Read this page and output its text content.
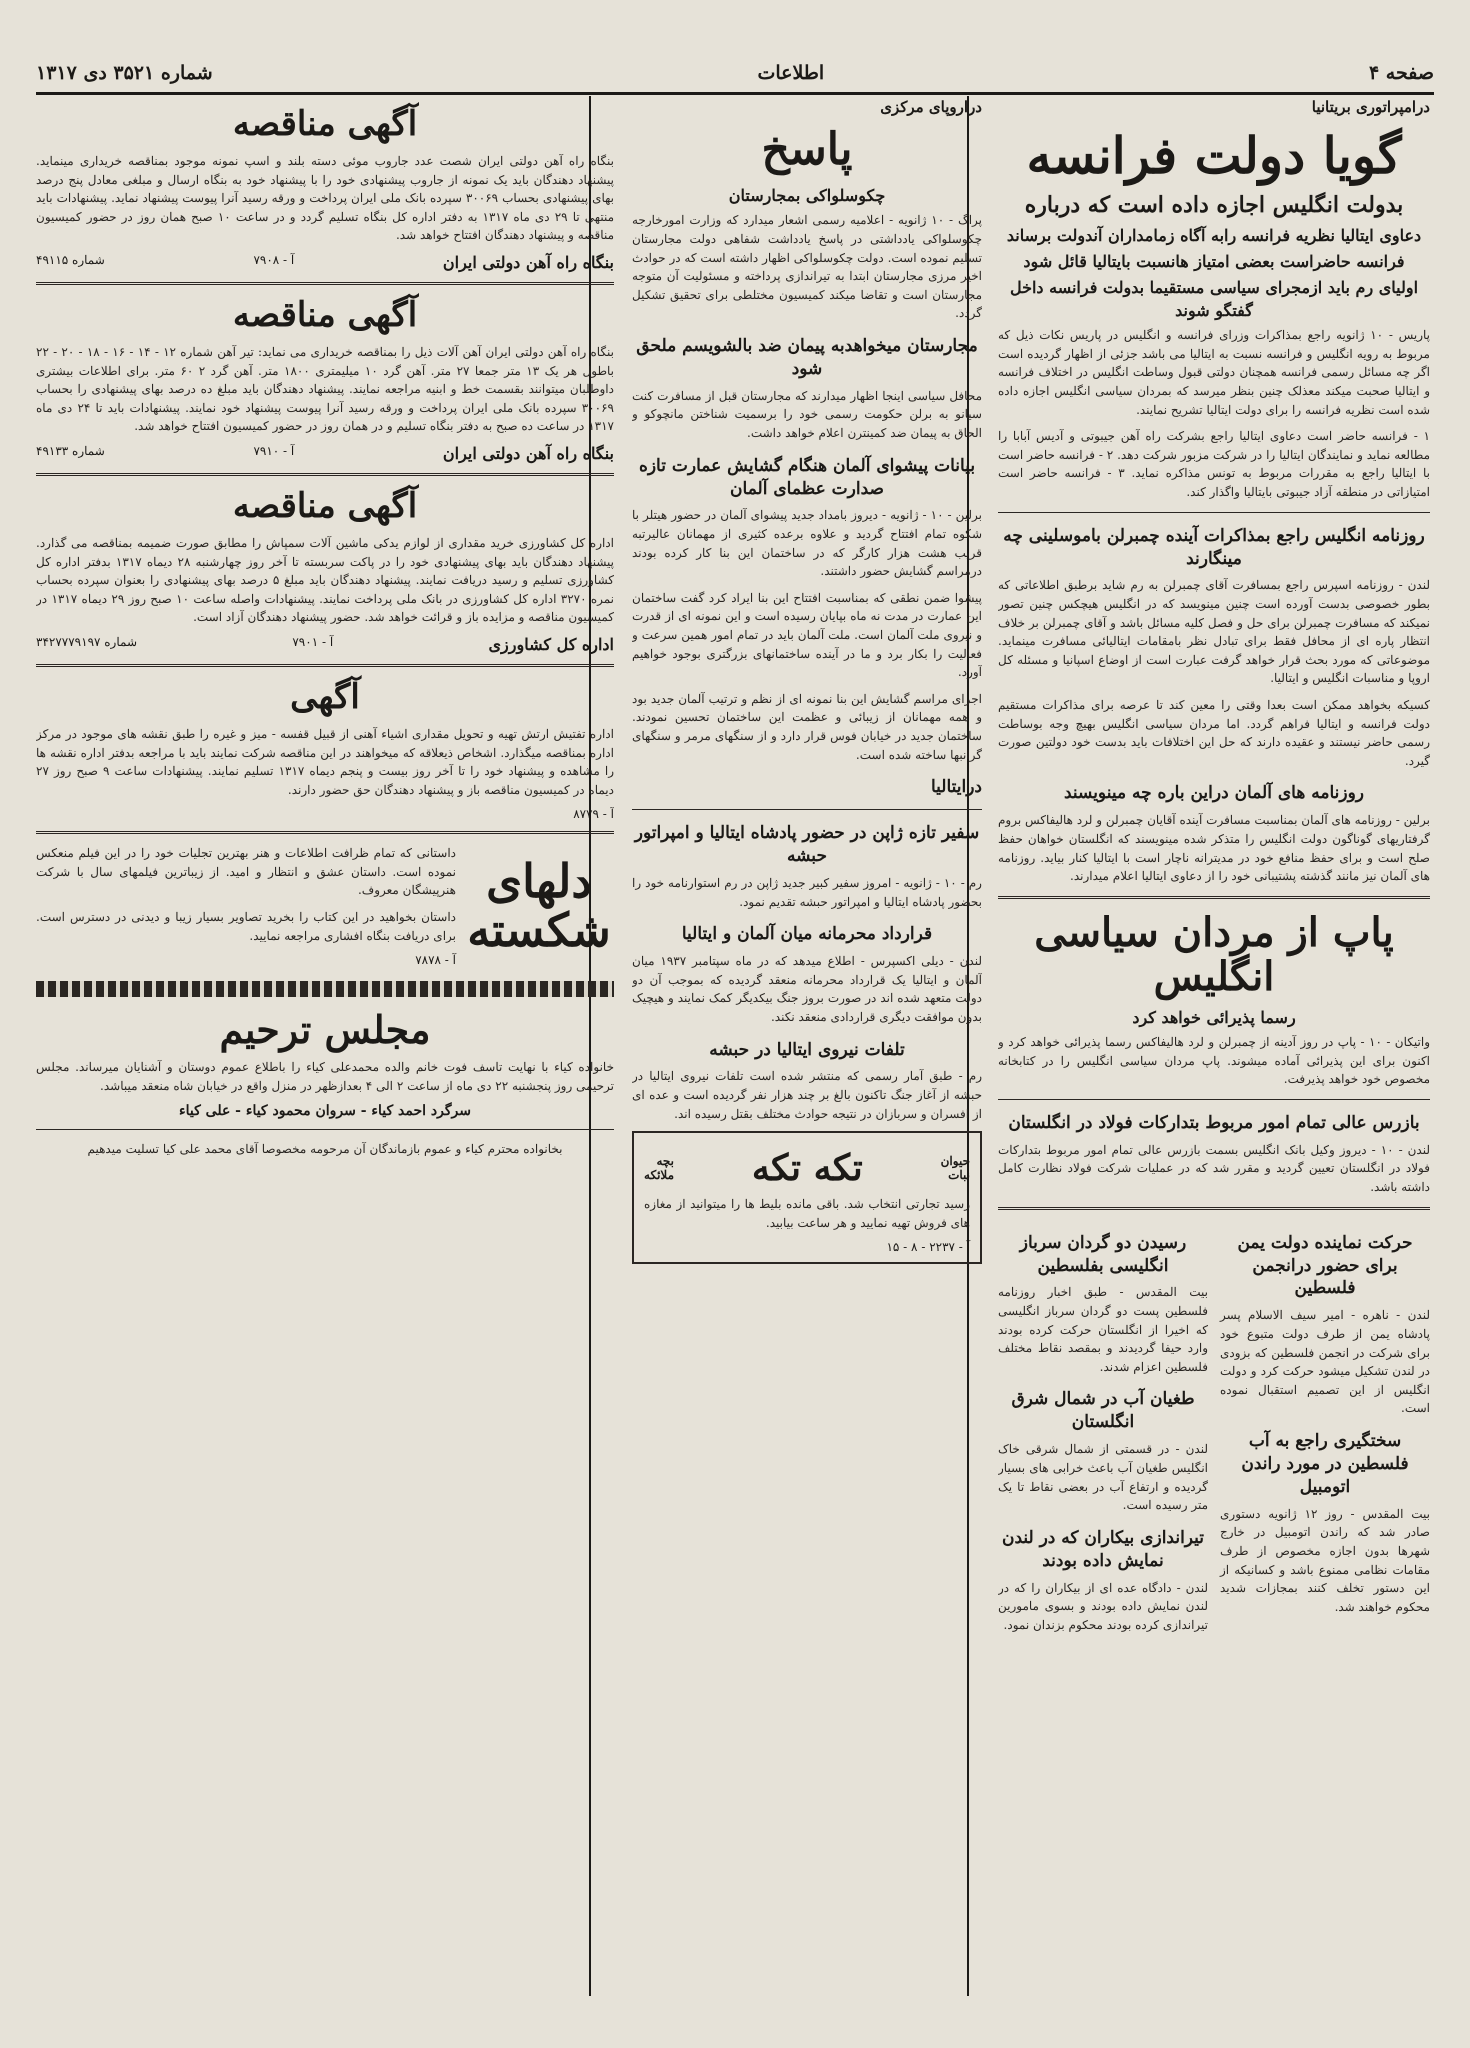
صفحه ۴
اطلاعات
شماره ۳۵۲۱ دی ۱۳۱۷
درامپراتوری بریتانیا
گویا دولت فرانسه
بدولت انگلیس اجازه داده است که درباره
دعاوی ایتالیا نظریه فرانسه رابه آگاه زمامداران آندولت برساند
فرانسه حاضراست بعضی امتیاز هانسبت بایتالیا قائل شود
اولیای رم باید ازمجرای سیاسی مستقیما بدولت فرانسه داخل گفتگو شوند

پاریس - ۱۰ ژانویه راجع بمذاکرات وزرای فرانسه و انگلیس در پاریس نکات ذیل که مربوط به رویه انگلیس و فرانسه نسبت به ایتالیا می باشد جزئی از اظهار گردیده است اگر چه مسائل رسمی فرانسه همچنان دولتی قبول وساطت انگلیس در اختلاف فرانسه و ایتالیا صحبت میکند معذلک چنین بنظر میرسد که بمردان سیاسی انگلیس اجازه داده شده است نظریه فرانسه را برای دولت ایتالیا تشریح نمایند.

۱ - فرانسه حاضر است دعاوی ایتالیا راجع بشرکت راه آهن جیبوتی و آدیس آبابا را مطالعه نماید و نمایندگان ایتالیا را در شرکت مزبور شرکت دهد. ۲ - فرانسه حاضر است با ایتالیا راجع به مقررات مربوط به تونس مذاکره نماید. ۳ - فرانسه حاضر است امتیازاتی در منطقه آزاد جیبوتی بایتالیا واگذار کند.

روزنامه انگلیس راجع بمذاکرات آینده چمبرلن باموسلینی چه مینگارند

لندن - روزنامه اسپرس راجع بمسافرت آقای چمبرلن به رم شاید برطبق اطلاعاتی که بطور خصوصی بدست آورده است چنین مینویسد که در انگلیس هیچکس چنین تصور نمیکند که مسافرت چمبرلن برای حل و فصل کلیه مسائل باشد و آقای چمبرلن بر خلاف انتظار پاره ای از محافل فقط برای تبادل نظر بامقامات ایتالیائی مسافرت مینماید. موضوعاتی که مورد بحث قرار خواهد گرفت عبارت است از اوضاع اسپانیا و مسئله کل اروپا و مناسبات انگلیس و ایتالیا.

کسیکه بخواهد ممکن است بعدا وقتی را معین کند تا عرصه برای مذاکرات مستقیم دولت فرانسه و ایتالیا فراهم گردد. اما مردان سیاسی انگلیس بهیچ وجه بوساطت رسمی حاضر نیستند و عقیده دارند که حل این اختلافات باید بدست خود دولتین صورت گیرد.

روزنامه های آلمان دراین باره چه مینویسند

برلین - روزنامه های آلمان بمناسبت مسافرت آینده آقایان چمبرلن و لرد هالیفاکس بروم گرفتاریهای گوناگون دولت انگلیس را متذکر شده مینویسند که انگلستان خواهان حفظ صلح است و برای حفظ منافع خود در مدیترانه ناچار است با ایتالیا کنار بیاید. روزنامه های آلمان نیز مانند گذشته پشتیبانی خود را از دعاوی ایتالیا اعلام میدارند.

پاپ از مردان سیاسی انگلیس
رسما پذیرائی خواهد کرد

واتیکان - ۱۰ - پاپ در روز آدینه از چمبرلن و لرد هالیفاکس رسما پذیرائی خواهد کرد و اکنون برای این پذیرائی آماده میشوند. پاپ مردان سیاسی انگلیس را در کتابخانه مخصوص خود خواهد پذیرفت.

بازرس عالی تمام امور مربوط بتدارکات فولاد در انگلستان

لندن - ۱۰ - دیروز وکیل بانک انگلیس بسمت بازرس عالی تمام امور مربوط بتدارکات فولاد در انگلستان تعیین گردید و مقرر شد که در عملیات شرکت فولاد نظارت کامل داشته باشد.

حرکت نماینده دولت یمن برای حضور درانجمن فلسطین

لندن - ناهره - امیر سیف الاسلام پسر پادشاه یمن از طرف دولت متبوع خود برای شرکت در انجمن فلسطین که بزودی در لندن تشکیل میشود حرکت کرد و دولت انگلیس از این تصمیم استقبال نموده است.

سختگیری راجع به آب فلسطین در مورد راندن اتومبیل

بیت المقدس - روز ۱۲ ژانویه دستوری صادر شد که راندن اتومبیل در خارج شهرها بدون اجازه مخصوص از طرف مقامات نظامی ممنوع باشد و کسانیکه از این دستور تخلف کنند بمجازات شدید محکوم خواهند شد.

رسیدن دو گردان سرباز انگلیسی بفلسطین

بیت المقدس - طبق اخبار روزنامه فلسطین پست دو گردان سرباز انگلیسی که اخیرا از انگلستان حرکت کرده بودند وارد حیفا گردیدند و بمقصد نقاط مختلف فلسطین اعزام شدند.

طغیان آب در شمال شرق انگلستان

لندن - در قسمتی از شمال شرقی خاک انگلیس طغیان آب باعث خرابی های بسیار گردیده و ارتفاع آب در بعضی نقاط تا یک متر رسیده است.

تیراندازی بیکاران که در لندن نمایش داده بودند

لندن - دادگاه عده ای از بیکاران را که در لندن نمایش داده بودند و بسوی مامورین تیراندازی کرده بودند محکوم بزندان نمود.

دراروپای مرکزی
پاسخ
چکوسلواکی بمجارستان

پراگ - ۱۰ ژانویه - اعلامیه رسمی اشعار میدارد که وزارت امورخارجه چکوسلواکی یادداشتی در پاسخ یادداشت شفاهی دولت مجارستان تسلیم نموده است. دولت چکوسلواکی اظهار داشته است که در حوادث اخیر مرزی مجارستان ابتدا به تیراندازی پرداخته و مسئولیت آن متوجه مجارستان است و تقاضا میکند کمیسیون مختلطی برای تحقیق تشکیل گردد.

مجارستان میخواهدبه پیمان ضد بالشویسم ملحق شود

محافل سیاسی اینجا اظهار میدارند که مجارستان قبل از مسافرت کنت سیانو به برلن حکومت رسمی خود را برسمیت شناختن مانچوکو و الحاق به پیمان ضد کمینترن اعلام خواهد داشت.

بیانات پیشوای آلمان هنگام گشایش عمارت تازه صدارت عظمای آلمان

برلین - ۱۰ - ژانویه - دیروز بامداد جدید پیشوای آلمان در حضور هیتلر با شکوه تمام افتتاح گردید و علاوه برعده کثیری از مهمانان عالیرتبه قریب هشت هزار کارگر که در ساختمان این بنا کار کرده بودند درمراسم گشایش حضور داشتند.

پیشوا ضمن نطقی که بمناسبت افتتاح این بنا ایراد کرد گفت ساختمان این عمارت در مدت نه ماه بپایان رسیده است و این نمونه ای از قدرت و نیروی ملت آلمان است. ملت آلمان باید در تمام امور همین سرعت و فعالیت را بکار برد و ما در آینده ساختمانهای بزرگتری بوجود خواهیم آورد.

اجرای مراسم گشایش این بنا نمونه ای از نظم و ترتیب آلمان جدید بود و همه مهمانان از زیبائی و عظمت این ساختمان تحسین نمودند. ساختمان جدید در خیابان فوس قرار دارد و از سنگهای مرمر و سنگهای گرانبها ساخته شده است.

درایتالیا
سفیر تازه ژاپن در حضور پادشاه ایتالیا و امپراتور حبشه

رم - ۱۰ - ژانویه - امروز سفیر کبیر جدید ژاپن در رم استوارنامه خود را بحضور پادشاه ایتالیا و امپراتور حبشه تقدیم نمود.

قرارداد محرمانه میان آلمان و ایتالیا

لندن - دیلی اکسپرس - اطلاع میدهد که در ماه سپتامبر ۱۹۳۷ میان آلمان و ایتالیا یک قرارداد محرمانه منعقد گردیده که بموجب آن دو دولت متعهد شده اند در صورت بروز جنگ بیکدیگر کمک نمایند و هیچیک بدون موافقت دیگری قراردادی منعقد نکند.

تلفات نیروی ایتالیا در حبشه

رم - طبق آمار رسمی که منتشر شده است تلفات نیروی ایتالیا در حبشه از آغاز جنگ تاکنون بالغ بر چند هزار نفر گردیده است و عده ای از افسران و سربازان در نتیجه حوادث مختلف بقتل رسیده اند.

حیوان
نبات
تکه تکه
بچه
ملائکه

رسید تجارتی انتخاب شد. باقی مانده بلیط ها را میتوانید از مغازه های فروش تهیه نمایید و هر ساعت بیابید.

آ - ۲۲۳۷ - ۸ - ۱۵
آگهی مناقصه

بنگاه راه آهن دولتی ایران شصت عدد جاروب موئی دسته بلند و اسپ نمونه موجود بمناقصه خریداری مینماید. پیشنهاد دهندگان باید یک نمونه از جاروب پیشنهادی خود را با پیشنهاد خود به بنگاه ارسال و مبلغی معادل پنج درصد بهای پیشنهادی بحساب ۳۰۰۶۹ سپرده بانک ملی ایران پرداخت و ورقه رسید آنرا پیوست پیشنهاد نماید. پیشنهادات باید منتهی تا ۲۹ دی ماه ۱۳۱۷ به دفتر اداره کل بنگاه تسلیم گردد و در ساعت ۱۰ صبح همان روز در حضور کمیسیون مناقصه و پیشنهاد دهندگان افتتاح خواهد شد.

بنگاه راه آهن دولتی ایران
آ - ۷۹۰۸
شماره ۴۹۱۱۵
آگهی مناقصه

بنگاه راه آهن دولتی ایران آهن آلات ذیل را بمناقصه خریداری می نماید: تیر آهن شماره ۱۲ - ۱۴ - ۱۶ - ۱۸ - ۲۰ - ۲۲ باطول هر یک ۱۳ متر جمعا ۲۷ متر. آهن گرد ۱۰ میلیمتری ۱۸۰۰ متر. آهن گرد ۲ ۶۰ متر. برای اطلاعات بیشتری داوطلبان میتوانند بقسمت خط و ابنیه مراجعه نمایند. پیشنهاد دهندگان باید مبلغ ده درصد بهای پیشنهادی را بحساب ۳۰۰۶۹ سپرده بانک ملی ایران پرداخت و ورقه رسید آنرا پیوست پیشنهاد خود نمایند. پیشنهادات باید تا ۲۴ دی ماه ۱۳۱۷ در ساعت ده صبح به دفتر بنگاه تسلیم و در همان روز در حضور کمیسیون افتتاح خواهد شد.

بنگاه راه آهن دولتی ایران
آ - ۷۹۱۰
شماره ۴۹۱۳۳
آگهی مناقصه

اداره کل کشاورزی خرید مقداری از لوازم یدکی ماشین آلات سمپاش را مطابق صورت ضمیمه بمناقصه می گذارد. پیشنهاد دهندگان باید بهای پیشنهادی خود را در پاکت سربسته تا آخر روز چهارشنبه ۲۸ دیماه ۱۳۱۷ بدفتر اداره کل کشاورزی تسلیم و رسید دریافت نمایند. پیشنهاد دهندگان باید مبلغ ۵ درصد بهای پیشنهادی را بعنوان سپرده بحساب نمره ۳۲۷۰ اداره کل کشاورزی در بانک ملی پرداخت نمایند. پیشنهادات واصله ساعت ۱۰ صبح روز ۲۹ دیماه ۱۳۱۷ در کمیسیون مناقصه و مزایده باز و قرائت خواهد شد. حضور پیشنهاد دهندگان آزاد است.

اداره کل کشاورزی
آ - ۷۹۰۱
شماره ۳۴۲۷۷۷۹۱۹۷
آگهی

اداره تفتیش ارتش تهیه و تحویل مقداری اشیاء آهنی از قبیل قفسه - میز و غیره را طبق نقشه های موجود در مرکز اداره بمناقصه میگذارد. اشخاص ذیعلاقه که میخواهند در این مناقصه شرکت نمایند باید با مراجعه بدفتر اداره نقشه ها را مشاهده و پیشنهاد خود را تا آخر روز بیست و پنجم دیماه ۱۳۱۷ تسلیم نمایند. پیشنهادات ساعت ۹ صبح روز ۲۷ دیماه در کمیسیون مناقصه باز و پیشنهاد دهندگان حق حضور دارند.

آ - ۸۷۷۹
دلهای شکسته

داستانی که تمام ظرافت اطلاعات و هنر بهترین تجلیات خود را در این فیلم منعکس نموده است. داستان عشق و انتظار و امید. از زیباترین فیلمهای سال با شرکت هنرپیشگان معروف.

داستان بخواهید در این کتاب را بخرید تصاویر بسیار زیبا و دیدنی در دسترس است. برای دریافت بنگاه افشاری مراجعه نمایید.

آ - ۷۸۷۸
مجلس ترحیم

خانواده کیاء با نهایت تاسف فوت خانم والده محمدعلی کیاء را باطلاع عموم دوستان و آشنایان میرساند. مجلس ترحیمی روز پنجشنبه ۲۲ دی ماه از ساعت ۲ الی ۴ بعدازظهر در منزل واقع در خیابان شاه منعقد میباشد.

سرگرد احمد کیاء - سروان محمود کیاء - علی کیاء

بخانواده محترم کیاء و عموم بازماندگان آن مرحومه مخصوصا آقای محمد علی کیا تسلیت میدهیم
